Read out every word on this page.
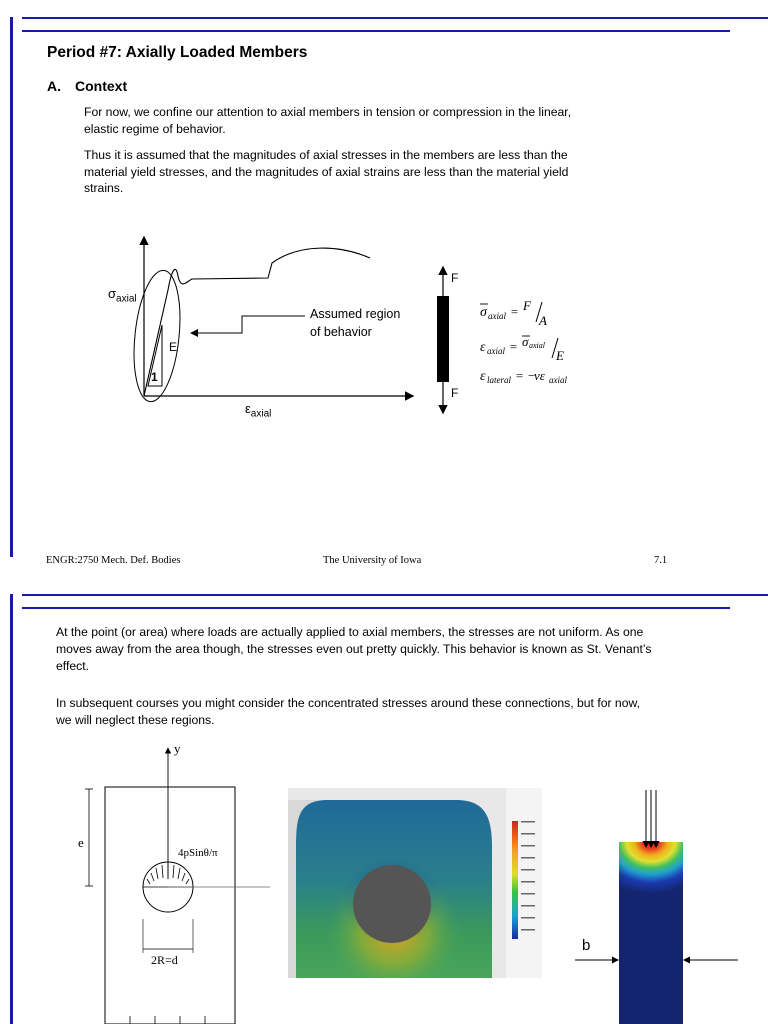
Period #7: Axially Loaded Members
A. Context
For now, we confine our attention to axial members in tension or compression in the linear, elastic regime of behavior.
Thus it is assumed that the magnitudes of axial stresses in the members are less than the material yield stresses, and the magnitudes of axial strains are less than the material yield strains.
$\sigma_{axial}$
$\varepsilon_{axial}$
E
1
Assumed region
of behavior
F
F
σ axial = F
A
ε axial = σ axial
E
ε lateral = −
νε axial
ENGR:2750 Mech. Def. Bodies	The University of Iowa	7.1
At the point (or area) where loads are actually applied to axial members, the stresses are not uniform. As one moves away from the area though, the stresses even out pretty quickly. This behavior is known as St. Venant’s effect.
In subsequent courses you might consider the concentrated stresses around these connections, but for now, we will neglect these regions.
y
e
4pSinθ/π
2R=d
b
